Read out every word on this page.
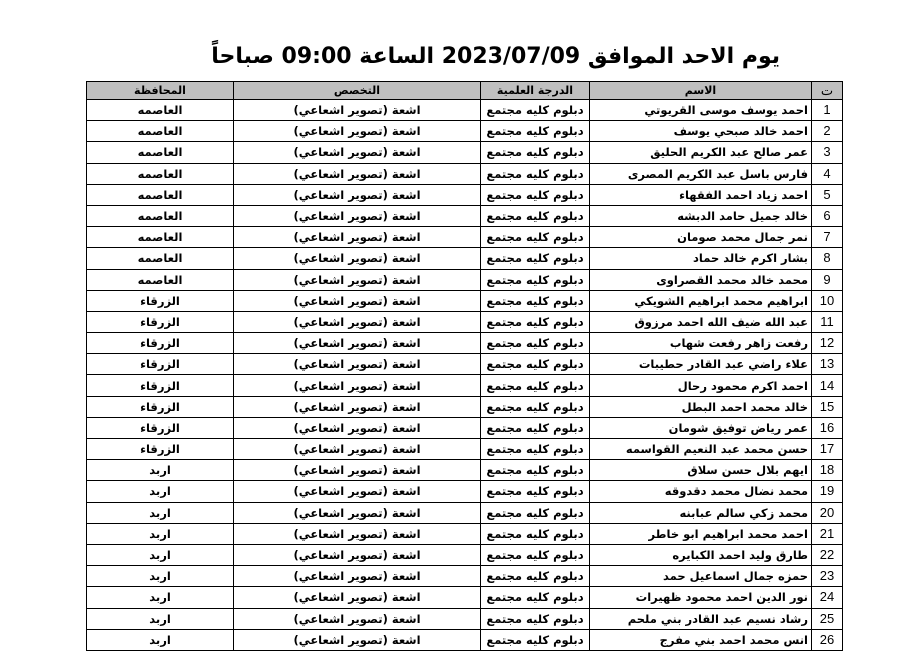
يوم الاحد الموافق 2023/07/09 الساعة 09:00 صباحاً
ت	الاسم	الدرجة العلمية	التخصص	المحافظة
1	احمد يوسف موسى القريوتي	دبلوم كليه مجتمع	اشعة (تصوير اشعاعي)	العاصمه
2	احمد خالد صبحي يوسف	دبلوم كليه مجتمع	اشعة (تصوير اشعاعي)	العاصمه
3	عمر صالح عبد الكريم الحليق	دبلوم كليه مجتمع	اشعة (تصوير اشعاعي)	العاصمه
4	فارس باسل عبد الكريم المصرى	دبلوم كليه مجتمع	اشعة (تصوير اشعاعي)	العاصمه
5	احمد زياد احمد الفقهاء	دبلوم كليه مجتمع	اشعة (تصوير اشعاعي)	العاصمه
6	خالد جميل حامد الدبشه	دبلوم كليه مجتمع	اشعة (تصوير اشعاعي)	العاصمه
7	نمر جمال محمد صومان	دبلوم كليه مجتمع	اشعة (تصوير اشعاعي)	العاصمه
8	بشار اكرم خالد حماد	دبلوم كليه مجتمع	اشعة (تصوير اشعاعي)	العاصمه
9	محمد خالد محمد القصراوى	دبلوم كليه مجتمع	اشعة (تصوير اشعاعي)	العاصمه
10	ابراهيم محمد ابراهيم الشويكي	دبلوم كليه مجتمع	اشعة (تصوير اشعاعي)	الزرقاء
11	عبد الله ضيف الله احمد مرزوق	دبلوم كليه مجتمع	اشعة (تصوير اشعاعي)	الزرقاء
12	رفعت زاهر رفعت شهاب	دبلوم كليه مجتمع	اشعة (تصوير اشعاعي)	الزرقاء
13	علاء راضي عبد القادر حطيبات	دبلوم كليه مجتمع	اشعة (تصوير اشعاعي)	الزرقاء
14	احمد اكرم محمود رحال	دبلوم كليه مجتمع	اشعة (تصوير اشعاعي)	الزرقاء
15	خالد محمد احمد البطل	دبلوم كليه مجتمع	اشعة (تصوير اشعاعي)	الزرقاء
16	عمر رياض توفيق شومان	دبلوم كليه مجتمع	اشعة (تصوير اشعاعي)	الزرقاء
17	حسن محمد عبد النعيم القواسمه	دبلوم كليه مجتمع	اشعة (تصوير اشعاعي)	الزرقاء
18	ايهم بلال حسن سلاق	دبلوم كليه مجتمع	اشعة (تصوير اشعاعي)	اربد
19	محمد نضال محمد دقدوقه	دبلوم كليه مجتمع	اشعة (تصوير اشعاعي)	اربد
20	محمد زكي سالم عبابنه	دبلوم كليه مجتمع	اشعة (تصوير اشعاعي)	اربد
21	احمد محمد ابراهيم ابو خاطر	دبلوم كليه مجتمع	اشعة (تصوير اشعاعي)	اربد
22	طارق وليد احمد الكبايره	دبلوم كليه مجتمع	اشعة (تصوير اشعاعي)	اربد
23	حمزه جمال اسماعيل حمد	دبلوم كليه مجتمع	اشعة (تصوير اشعاعي)	اربد
24	نور الدين احمد محمود ظهيرات	دبلوم كليه مجتمع	اشعة (تصوير اشعاعي)	اربد
25	رشاد نسيم عبد القادر بني ملحم	دبلوم كليه مجتمع	اشعة (تصوير اشعاعي)	اربد
26	انس محمد احمد بني مفرج	دبلوم كليه مجتمع	اشعة (تصوير اشعاعي)	اربد
